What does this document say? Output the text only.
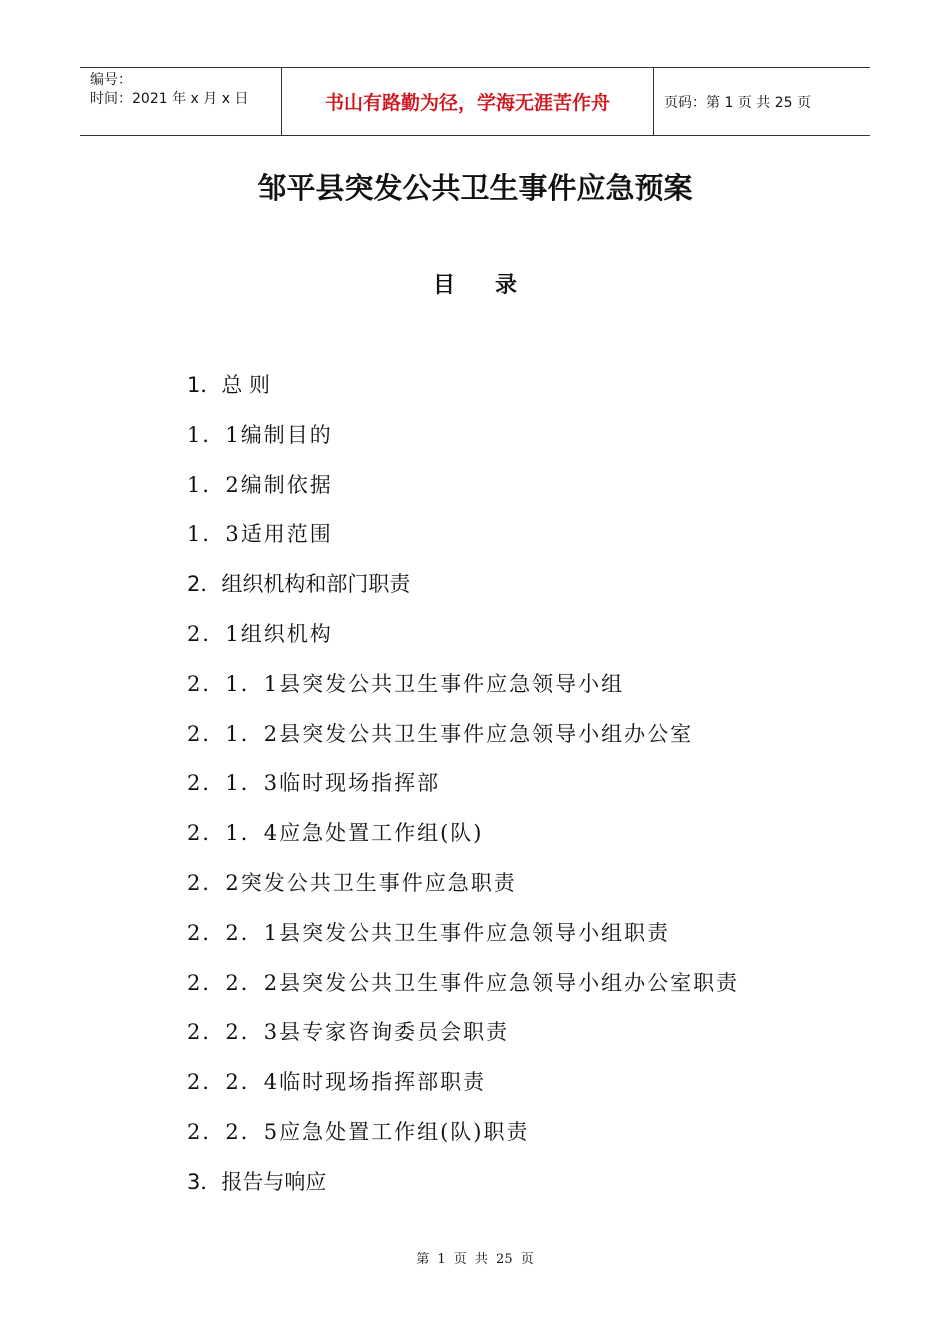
编号：
时间：2021 年 x 月 x 日	书山有路勤为径，学海无涯苦作舟	页码：第 1 页 共 25 页
邹平县突发公共卫生事件应急预案
目录
1．总 则
1．1编制目的
1．2编制依据
1．3适用范围
2．组织机构和部门职责
2．1组织机构
2．1．1县突发公共卫生事件应急领导小组
2．1．2县突发公共卫生事件应急领导小组办公室
2．1．3临时现场指挥部
2．1．4应急处置工作组(队)
2．2突发公共卫生事件应急职责
2．2．1县突发公共卫生事件应急领导小组职责
2．2．2县突发公共卫生事件应急领导小组办公室职责
2．2．3县专家咨询委员会职责
2．2．4临时现场指挥部职责
2．2．5应急处置工作组(队)职责
3．报告与响应
第 1 页 共 25 页
